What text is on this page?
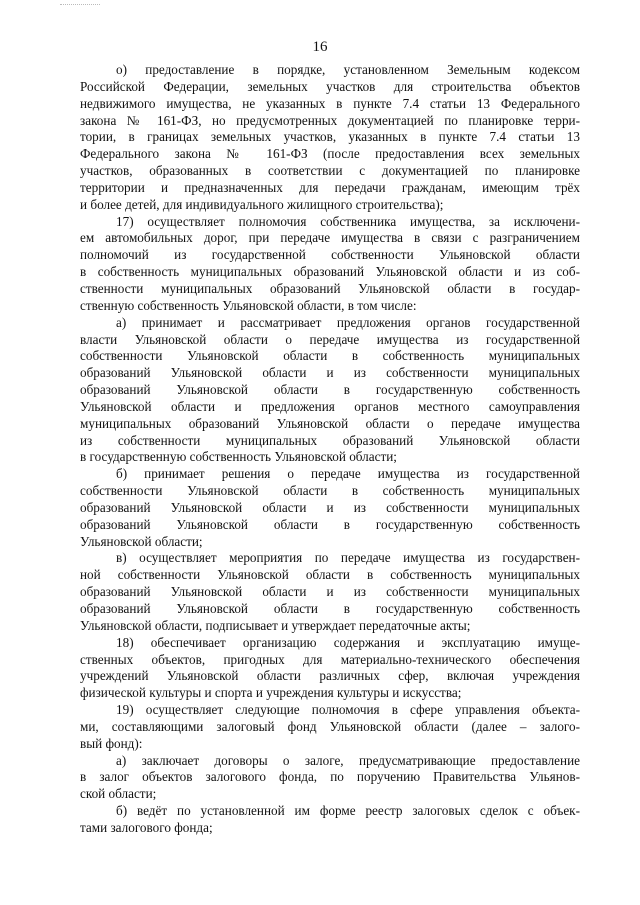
16
о) предоставление в порядке, установленном Земельным кодексом
Российской Федерации, земельных участков для строительства объектов
недвижимого имущества, не указанных в пункте 7.4 статьи 13 Федерального
закона № 161-ФЗ, но предусмотренных документацией по планировке терри-
тории, в границах земельных участков, указанных в пункте 7.4 статьи 13
Федерального закона № 161-ФЗ (после предоставления всех земельных
участков, образованных в соответствии с документацией по планировке
территории и предназначенных для передачи гражданам, имеющим трёх
и более детей, для индивидуального жилищного строительства);
17) осуществляет полномочия собственника имущества, за исключени-
ем автомобильных дорог, при передаче имущества в связи с разграничением
полномочий из государственной собственности Ульяновской области
в собственность муниципальных образований Ульяновской области и из соб-
ственности муниципальных образований Ульяновской области в государ-
ственную собственность Ульяновской области, в том числе:
а) принимает и рассматривает предложения органов государственной
власти Ульяновской области о передаче имущества из государственной
собственности Ульяновской области в собственность муниципальных
образований Ульяновской области и из собственности муниципальных
образований Ульяновской области в государственную собственность
Ульяновской области и предложения органов местного самоуправления
муниципальных образований Ульяновской области о передаче имущества
из собственности муниципальных образований Ульяновской области
в государственную собственность Ульяновской области;
б) принимает решения о передаче имущества из государственной
собственности Ульяновской области в собственность муниципальных
образований Ульяновской области и из собственности муниципальных
образований Ульяновской области в государственную собственность
Ульяновской области;
в) осуществляет мероприятия по передаче имущества из государствен-
ной собственности Ульяновской области в собственность муниципальных
образований Ульяновской области и из собственности муниципальных
образований Ульяновской области в государственную собственность
Ульяновской области, подписывает и утверждает передаточные акты;
18) обеспечивает организацию содержания и эксплуатацию имуще-
ственных объектов, пригодных для материально-технического обеспечения
учреждений Ульяновской области различных сфер, включая учреждения
физической культуры и спорта и учреждения культуры и искусства;
19) осуществляет следующие полномочия в сфере управления объекта-
ми, составляющими залоговый фонд Ульяновской области (далее – залого-
вый фонд):
а) заключает договоры о залоге, предусматривающие предоставление
в залог объектов залогового фонда, по поручению Правительства Ульянов-
ской области;
б) ведёт по установленной им форме реестр залоговых сделок с объек-
тами залогового фонда;
